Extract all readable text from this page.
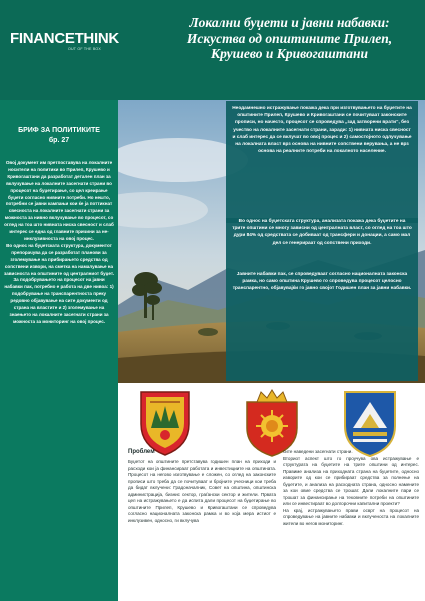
FINANCETHINK
OUT OF THE BOX
Локални буџети и јавни набавки:
Искуства од општините Прилеп,
Крушево и Кривогаштани
БРИФ ЗА ПОЛИТИКИТЕ
бр. 27

Овој документ им претпоставува на локалните носители на политики во Прилеп, Крушево и Кривогаштани да разработат детален план за вклучување на локалните засегнати страни во процесот на буџетирање, со цел креирање буџети согласно нивните потреби. Но нешто, потребни се јавни кампањи кои ќе ја поттикнат свесноста на локалните засегнати страни за можноста за нивно вклучување во процесот, со оглед на тоа што нивната ниска свесност и слаб интерес се една од главните причини за не-инклузивноста на овој процес.

Во однос на буџетската структура, документот препорачува да се разработат планови за зголемување на прибирањето средства од сопствени извори, на сметка на намалување на зависноста на општините од централниот буџет.

За подобрувањето на процесот на јавни набавки пак, потребно е работа на две нивоа: 1) подобрување на транспарентноста преку редовно објавување на сите документи од страна на властите и 2) зголемување на знаењето на локалните засегнати страни за можноста за мониторинг на овој процес.

Неодамнешно истражување покажа дека при изготвувањето на буџетите на општините Прилеп, Крушево и Кривогаштани се почитуваат законските прописи, но начесто, процесот се спроведува „зад затворени врати“, без учество на локалните засегнати страни, заради: 1) нивната ниска свесност и слаб интерес да се вклучат во овој процес и 2) самостојното одлучување на локалната власт врз основа на нивните сопствени верувања, а не врз основа на реалните потреби на локалното население.

Во однос на буџетската структура, анализата покажа дека буџетите на трите општини се многу зависни од централната власт, со оглед на тоа што дури 84% од средствата се добиваат од трансфери и донации, а само мал дел се генерираат од сопствени приходи.

Јавните набавки пак, се спроведуваат согласно националната законска рамка, но само општина Крушево го спроведува процесот целосно транспарентно, објавувајќи го јавно својот Годишен план за јавни набавки.

Проблем

Буџетот на општините претставува годишен план на приходи и расходи кои ја финансираат работата и инвестициите на општината. Процесот на негово изготвување е сложен, со оглед на законските прописи што треба да се почитуваат и бројните учесници кои треба да бидат вклучени: Градоначалник, Совет на општина, општинска администрација, бизнис сектор, граѓански сектор и жители. Првата цел на истражувањето е да испита дали процесот на буџетирање во општините Прилеп, Крушево и Кривогаштани се спроведува согласно националната законска рамка и во која мера истиот е инклузивен, односно, ги вклучува

сите наведени засегнати страни.

Вториот аспект што го проучува ова истражување е структурата на буџетите на трите општини од интерес. Правиме анализа на приходната страна на буџетите, односно изворите од кои се прибираат средства за полнење на буџетите, и анализа на расходната страна, односно намените за кои овие средства се трошат. Дали локалните пари се трошат за финансирање на тековните потреби на општините или се инвестираат во долгорочни капитални проекти?

На крај, истражувањето прави осврт на процесот на спроведување на јавните набавки и вклученоста на локалните жители во негов мониторинг.
